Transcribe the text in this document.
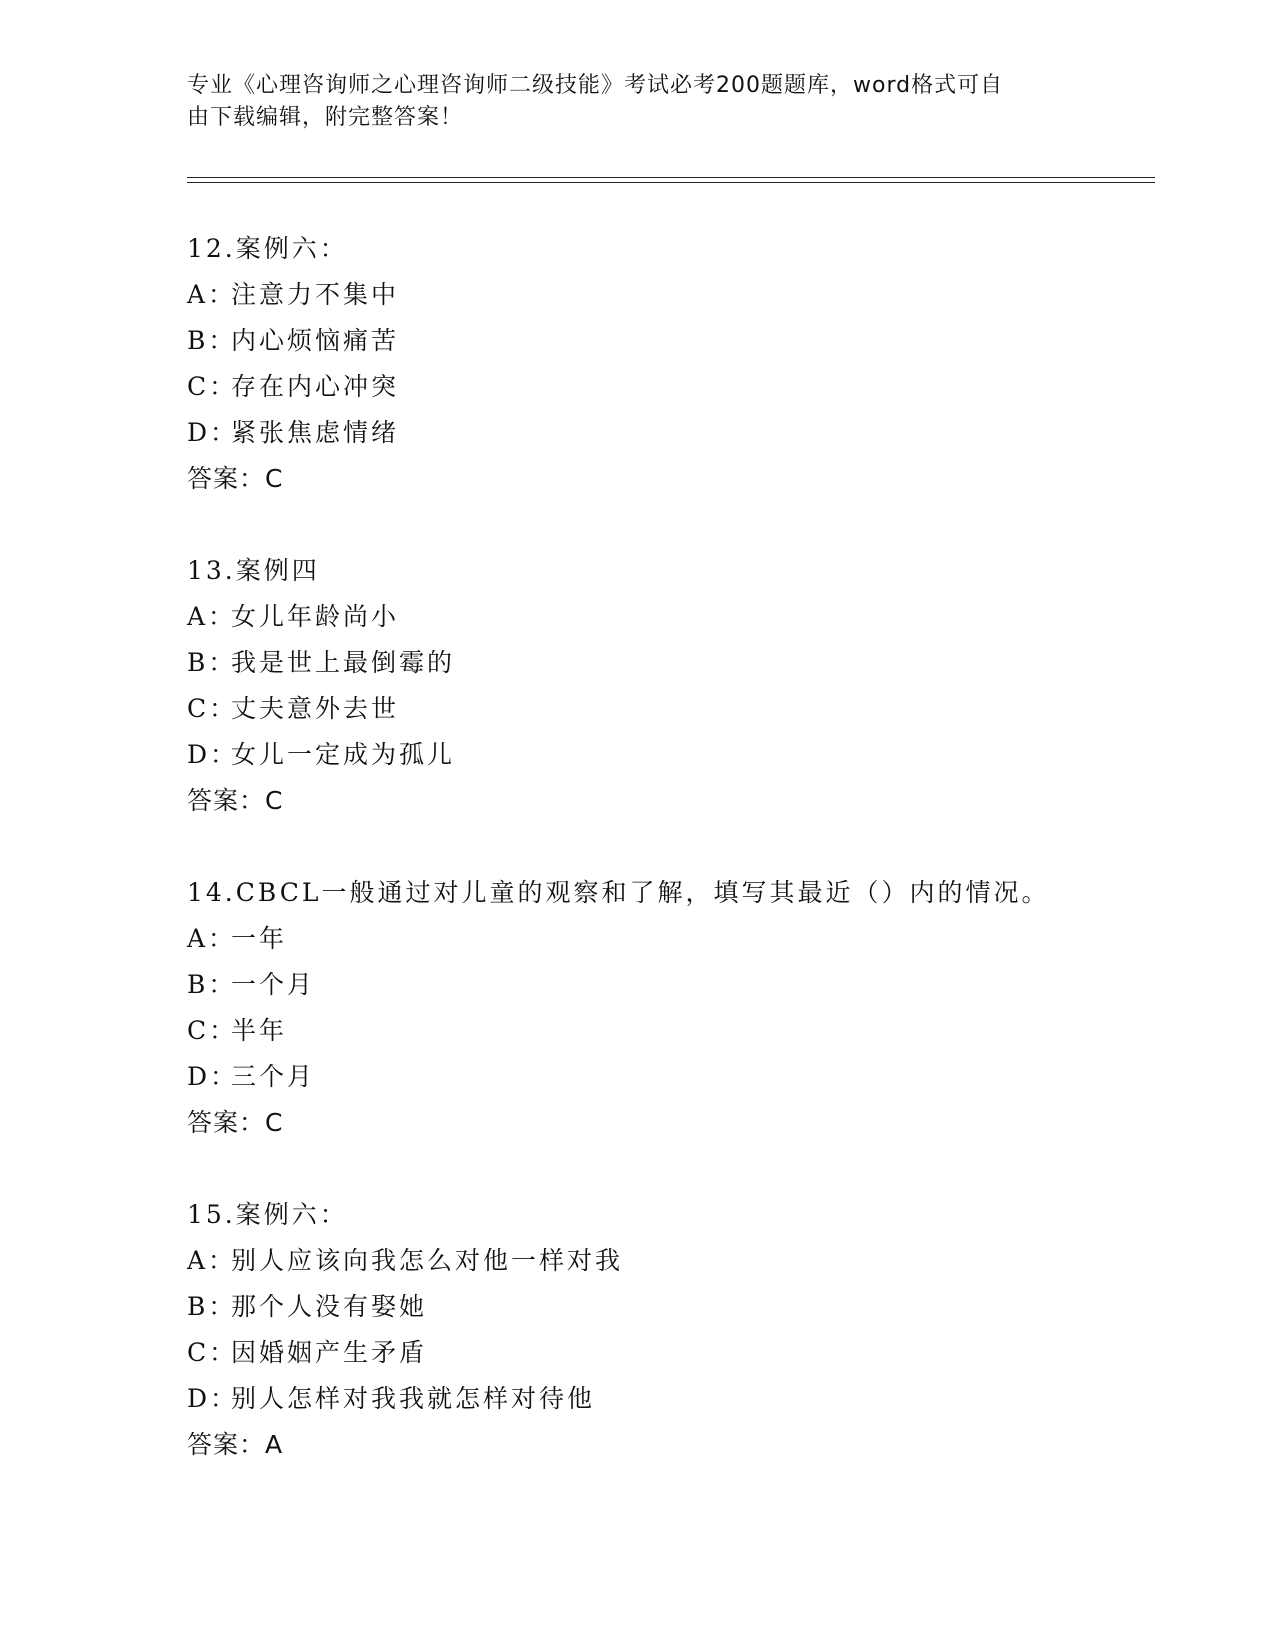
专业《心理咨询师之心理咨询师二级技能》考试必考200题题库，word格式可自
由下载编辑，附完整答案！
12.案例六：
A：注意力不集中
B：内心烦恼痛苦
C：存在内心冲突
D：紧张焦虑情绪
答案：C
13.案例四
A：女儿年龄尚小
B：我是世上最倒霉的
C：丈夫意外去世
D：女儿一定成为孤儿
答案：C
14.CBCL一般通过对儿童的观察和了解，填写其最近（）内的情况。
A：一年
B：一个月
C：半年
D：三个月
答案：C
15.案例六：
A：别人应该向我怎么对他一样对我
B：那个人没有娶她
C：因婚姻产生矛盾
D：别人怎样对我我就怎样对待他
答案：A
